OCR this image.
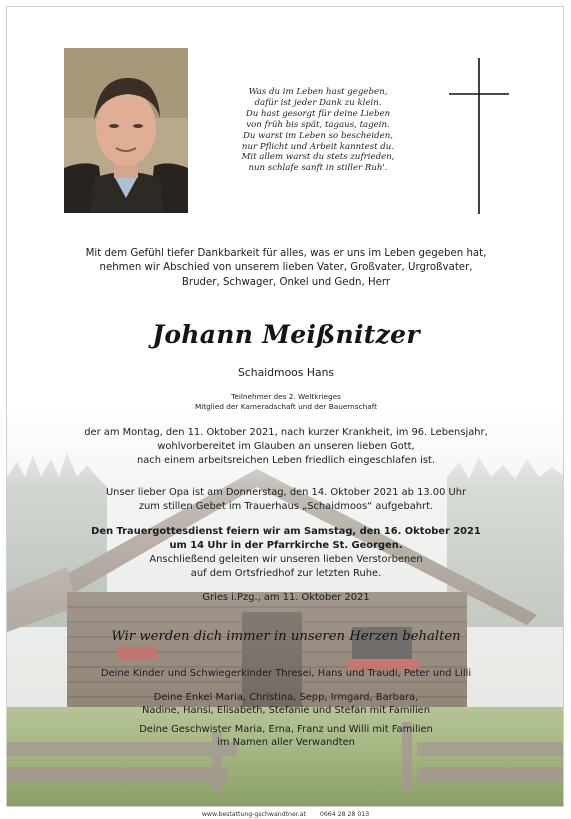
Was du im Leben hast gegeben,
dafür ist jeder Dank zu klein.
Du hast gesorgt für deine Lieben
von früh bis spät, tagaus, tagein.
Du warst im Leben so bescheiden,
nur Pflicht und Arbeit kanntest du.
Mit allem warst du stets zufrieden,
nun schlafe sanft in stiller Ruh'.
Mit dem Gefühl tiefer Dankbarkeit für alles, was er uns im Leben gegeben hat,
nehmen wir Abschied von unserem lieben Vater, Großvater, Urgroßvater,
Bruder, Schwager, Onkel und Gedn, Herr
Johann Meißnitzer
Schaidmoos Hans
Teilnehmer des 2. Weltkrieges
Mitglied der Kameradschaft und der Bauernschaft
der am Montag, den 11. Oktober 2021, nach kurzer Krankheit, im 96. Lebensjahr,
wohlvorbereitet im Glauben an unseren lieben Gott,
nach einem arbeitsreichen Leben friedlich eingeschlafen ist.
Unser lieber Opa ist am Donnerstag, den 14. Oktober 2021 ab 13.00 Uhr
zum stillen Gebet im Trauerhaus „Schaidmoos“ aufgebahrt.
Den Trauergottesdienst feiern wir am Samstag, den 16. Oktober 2021
um 14 Uhr in der Pfarrkirche St. Georgen.
Anschließend geleiten wir unseren lieben Verstorbenen
auf dem Ortsfriedhof zur letzten Ruhe.
Gries i.Pzg., am 11. Oktober 2021
Wir werden dich immer in unseren Herzen behalten
Deine Kinder und Schwiegerkinder Thresei, Hans und Traudi, Peter und Lilli
Deine Enkel Maria, Christina, Sepp, Irmgard, Barbara,
Nadine, Hansi, Elisabeth, Stefanie und Stefan mit Familien
Deine Geschwister Maria, Erna, Franz und Willi mit Familien
im Namen aller Verwandten
www.bestattung-gschwandtner.at 0664 28 28 013
